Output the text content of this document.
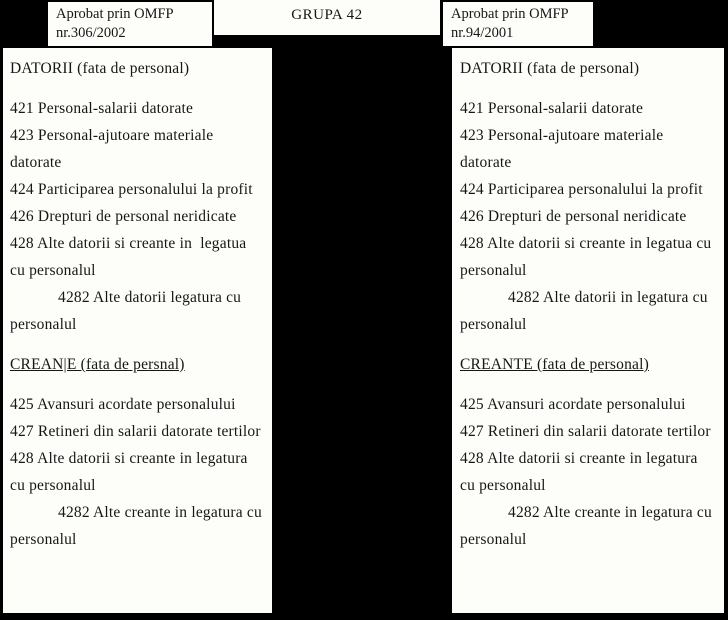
Aprobat prin OMFP
nr.306/2002
GRUPA 42	Aprobat prin OMFP
nr.94/2001
DATORII (fata de personal)
421 Personal-salarii datorate
423 Personal-ajutoare materiale
datorate
424 Participarea personalului la profit
426 Drepturi de personal neridicate
428 Alte datorii si creante in  legatua
cu personalul
4282 Alte datorii legatura cu
personalul
CREAN|E (fata de persnal)
425 Avansuri acordate personalului
427 Retineri din salarii datorate tertilor
428 Alte datorii si creante in legatura
cu personalul
4282 Alte creante in legatura cu
personalul
DATORII (fata de personal)
421 Personal-salarii datorate
423 Personal-ajutoare materiale
datorate
424 Participarea personalului la profit
426 Drepturi de personal neridicate
428 Alte datorii si creante in legatua cu
personalul
4282 Alte datorii in legatura cu
personalul
CREANTE (fata de personal)
425 Avansuri acordate personalului
427 Retineri din salarii datorate tertilor
428 Alte datorii si creante in legatura
cu personalul
4282 Alte creante in legatura cu
personalul
